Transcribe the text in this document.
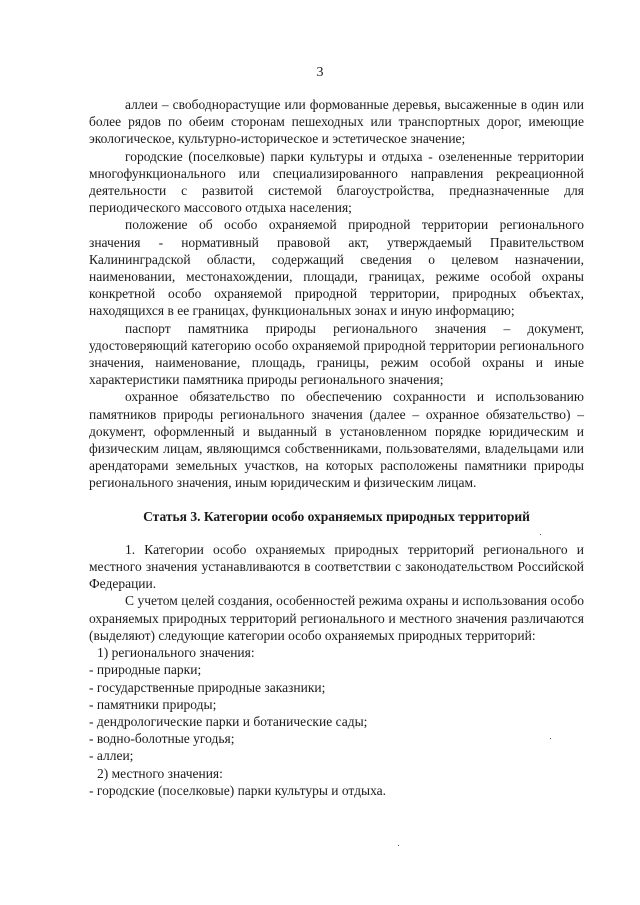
3

аллеи – свободнорастущие или формованные деревья, высаженные в один или более рядов по обеим сторонам пешеходных или транспортных дорог, имеющие экологическое, культурно-историческое и эстетическое значение;

городские (поселковые) парки культуры и отдыха - озелененные территории многофункционального или специализированного направления рекреационной деятельности с развитой системой благоустройства, предназначенные для периодического массового отдыха населения;

положение об особо охраняемой природной территории регионального значения - нормативный правовой акт, утверждаемый Правительством Калининградской области, содержащий сведения о целевом назначении, наименовании, местонахождении, площади, границах, режиме особой охраны конкретной особо охраняемой природной территории, природных объектах, находящихся в ее границах, функциональных зонах и иную информацию;

паспорт памятника природы регионального значения – документ, удостоверяющий категорию особо охраняемой природной территории регионального значения, наименование, площадь, границы, режим особой охраны и иные характеристики памятника природы регионального значения;

охранное обязательство по обеспечению сохранности и использованию памятников природы регионального значения (далее – охранное обязательство) – документ, оформленный и выданный в установленном порядке юридическим и физическим лицам, являющимся собственниками, пользователями, владельцами или арендаторами земельных участков, на которых расположены памятники природы регионального значения, иным юридическим и физическим лицам.

Статья 3. Категории особо охраняемых природных территорий

1. Категории особо охраняемых природных территорий регионального и местного значения устанавливаются в соответствии с законодательством Российской Федерации.

С учетом целей создания, особенностей режима охраны и использования особо охраняемых природных территорий регионального и местного значения различаются (выделяют) следующие категории особо охраняемых природных территорий:

1) регионального значения:
- природные парки;
- государственные природные заказники;
- памятники природы;
- дендрологические парки и ботанические сады;
- водно-болотные угодья;
- аллеи;
2) местного значения:
- городские (поселковые) парки культуры и отдыха.
